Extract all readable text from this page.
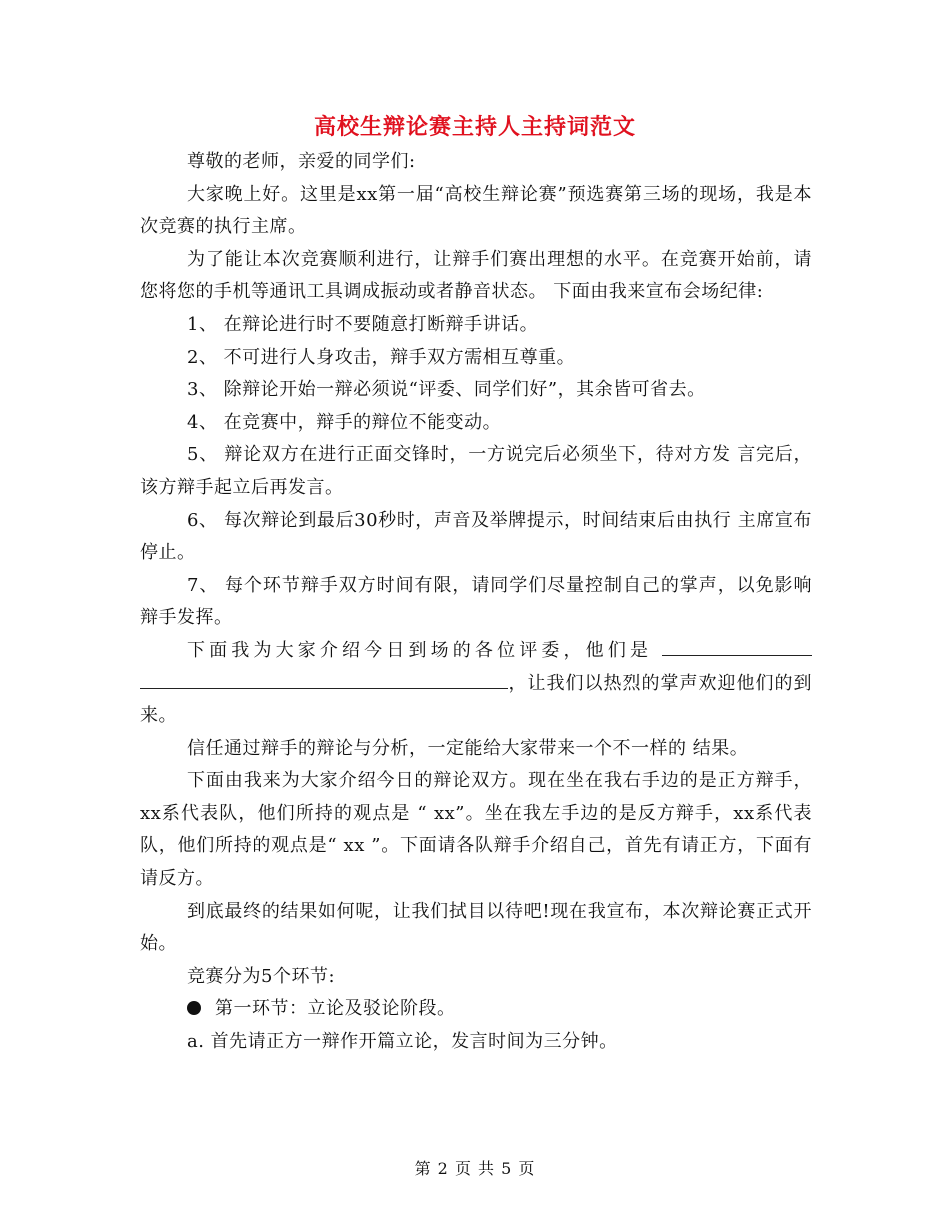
高校生辩论赛主持人主持词范文

尊敬的老师，亲爱的同学们:

大家晚上好。这里是xx第一届“高校生辩论赛”预选赛第三场的现场，我是本次竞赛的执行主席。

为了能让本次竞赛顺利进行，让辩手们赛出理想的水平。在竞赛开始前，请您将您的手机等通讯工具调成振动或者静音状态。 下面由我来宣布会场纪律:

1、 在辩论进行时不要随意打断辩手讲话。

2、 不可进行人身攻击，辩手双方需相互尊重。

3、 除辩论开始一辩必须说“评委、同学们好”，其余皆可省去。

4、 在竞赛中，辩手的辩位不能变动。

5、 辩论双方在进行正面交锋时，一方说完后必须坐下，待对方发 言完后，该方辩手起立后再发言。

6、 每次辩论到最后30秒时，声音及举牌提示，时间结束后由执行 主席宣布停止。

7、 每个环节辩手双方时间有限，请同学们尽量控制自己的掌声，以免影响辩手发挥。

下面我为大家介绍今日到场的各位评委，他们是 ，让我们以热烈的掌声欢迎他们的到来。

信任通过辩手的辩论与分析，一定能给大家带来一个不一样的 结果。

下面由我来为大家介绍今日的辩论双方。现在坐在我右手边的是正方辩手，xx系代表队，他们所持的观点是 “ xx”。坐在我左手边的是反方辩手，xx系代表队，他们所持的观点是“ xx ”。下面请各队辩手介绍自己，首先有请正方，下面有请反方。

到底最终的结果如何呢，让我们拭目以待吧!现在我宣布，本次辩论赛正式开始。

竞赛分为5个环节:

第一环节：立论及驳论阶段。

a. 首先请正方一辩作开篇立论，发言时间为三分钟。

第 2 页 共 5 页
